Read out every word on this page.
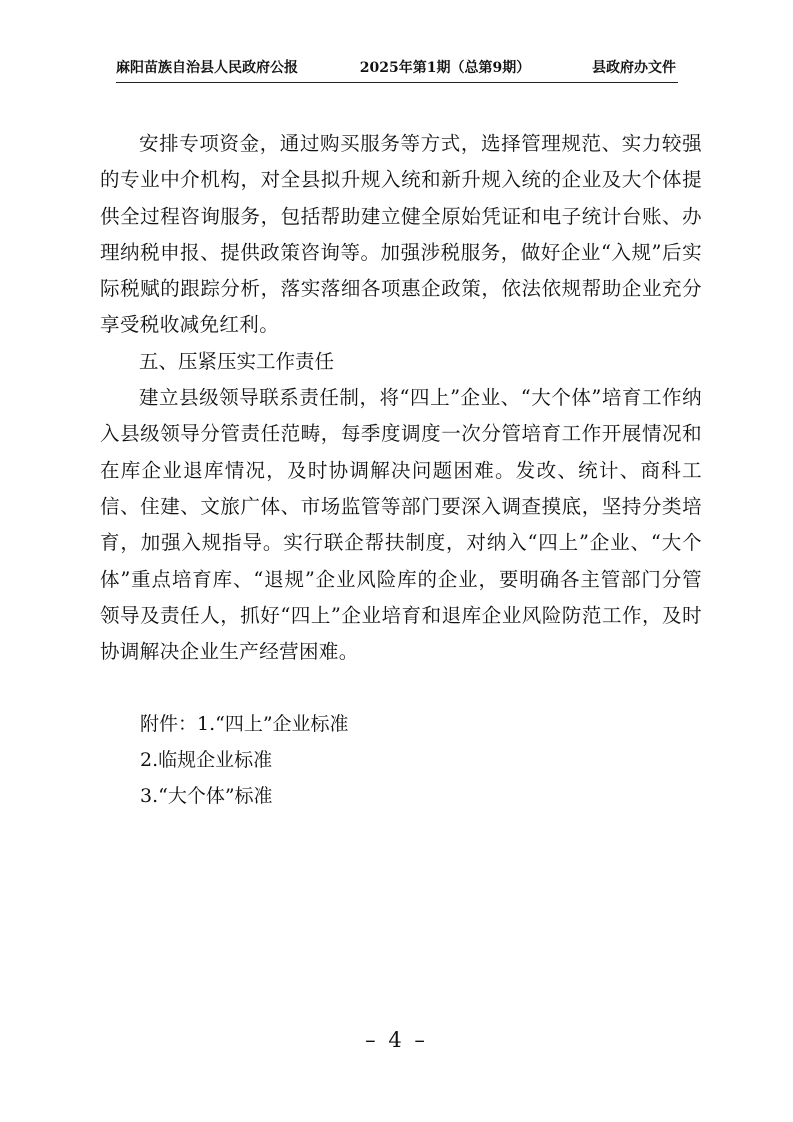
麻阳苗族自治县人民政府公报	2025年第1期（总第9期）	县政府办文件

安排专项资金，通过购买服务等方式，选择管理规范、实力较强的专业中介机构，对全县拟升规入统和新升规入统的企业及大个体提供全过程咨询服务，包括帮助建立健全原始凭证和电子统计台账、办理纳税申报、提供政策咨询等。加强涉税服务，做好企业“入规”后实际税赋的跟踪分析，落实落细各项惠企政策，依法依规帮助企业充分享受税收减免红利。

五、压紧压实工作责任

建立县级领导联系责任制，将“四上”企业、“大个体”培育工作纳入县级领导分管责任范畴，每季度调度一次分管培育工作开展情况和在库企业退库情况，及时协调解决问题困难。发改、统计、商科工信、住建、文旅广体、市场监管等部门要深入调查摸底，坚持分类培育，加强入规指导。实行联企帮扶制度，对纳入“四上”企业、“大个体”重点培育库、“退规”企业风险库的企业，要明确各主管部门分管领导及责任人，抓好“四上”企业培育和退库企业风险防范工作，及时协调解决企业生产经营困难。

附件：1.“四上”企业标准

2.临规企业标准

3.“大个体”标准

– 4 –
